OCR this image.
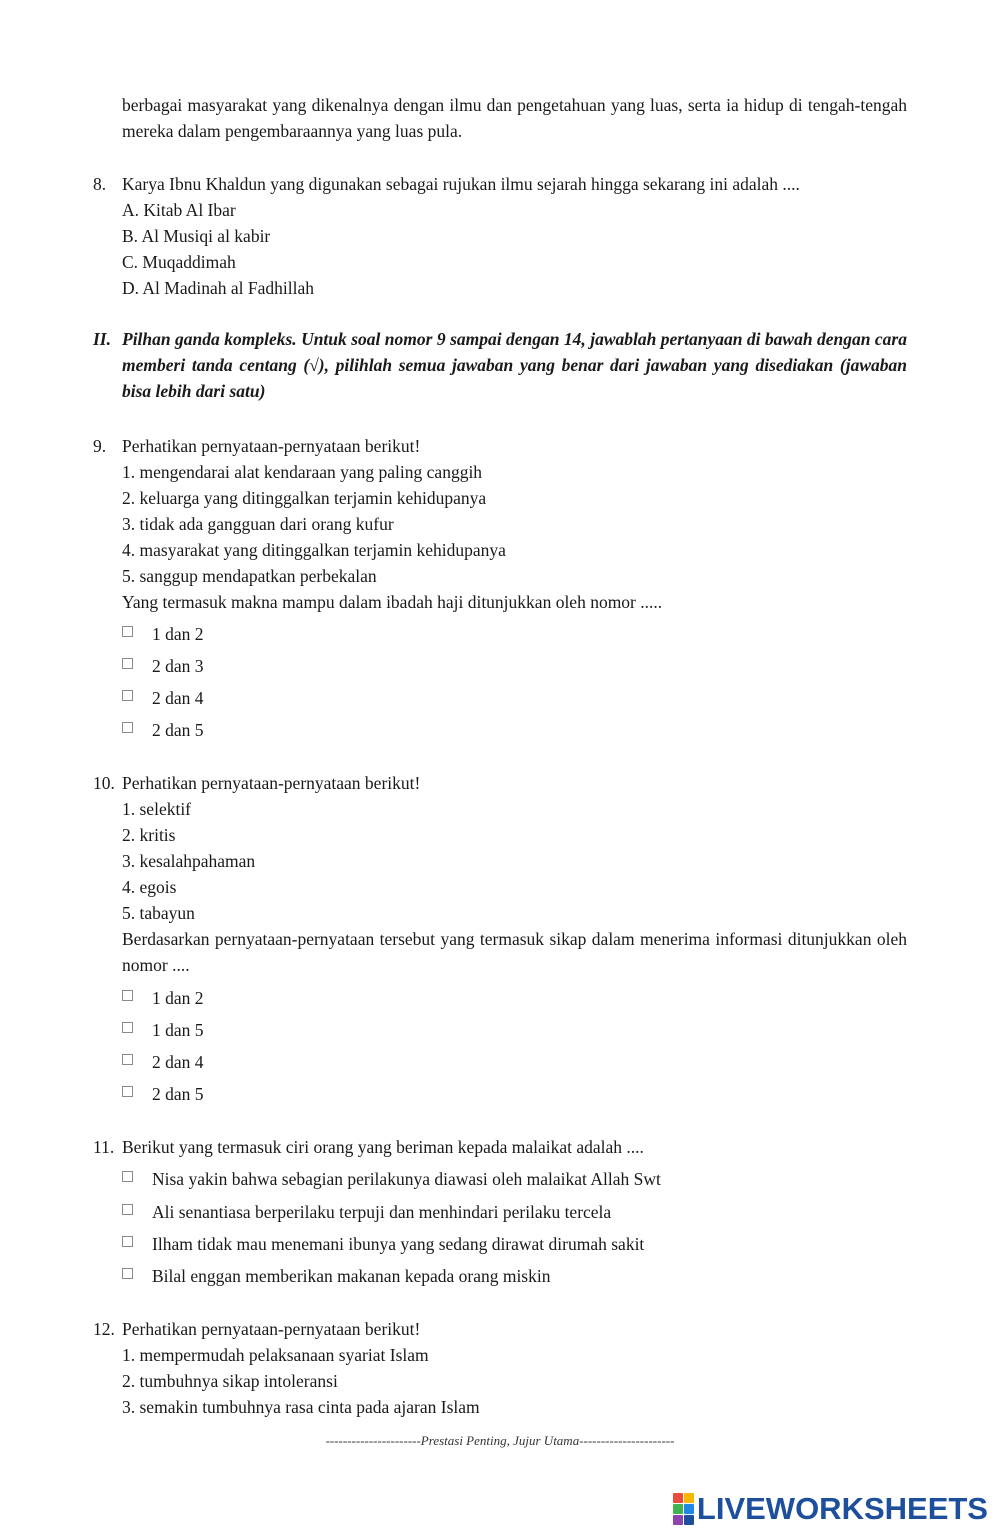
berbagai masyarakat yang dikenalnya dengan ilmu dan pengetahuan yang luas, serta ia hidup di tengah-tengah mereka dalam pengembaraannya yang luas pula.

8. Karya Ibnu Khaldun yang digunakan sebagai rujukan ilmu sejarah hingga sekarang ini adalah ....
A. Kitab Al Ibar
B. Al Musiqi al kabir
C. Muqaddimah
D. Al Madinah al Fadhillah
II. Pilhan ganda kompleks. Untuk soal nomor 9 sampai dengan 14, jawablah pertanyaan di bawah dengan cara memberi tanda centang (√), pilihlah semua jawaban yang benar dari jawaban yang disediakan (jawaban bisa lebih dari satu)
9. Perhatikan pernyataan-pernyataan berikut!
1. mengendarai alat kendaraan yang paling canggih
2. keluarga yang ditinggalkan terjamin kehidupanya
3. tidak ada gangguan dari orang kufur
4. masyarakat yang ditinggalkan terjamin kehidupanya
5. sanggup mendapatkan perbekalan
Yang termasuk makna mampu dalam ibadah haji ditunjukkan oleh nomor .....
1 dan 2
2 dan 3
2 dan 4
2 dan 5
10. Perhatikan pernyataan-pernyataan berikut!
1. selektif
2. kritis
3. kesalahpahaman
4. egois
5. tabayun

Berdasarkan pernyataan-pernyataan tersebut yang termasuk sikap dalam menerima informasi ditunjukkan oleh nomor ....

1 dan 2
1 dan 5
2 dan 4
2 dan 5
11. Berikut yang termasuk ciri orang yang beriman kepada malaikat adalah ....
Nisa yakin bahwa sebagian perilakunya diawasi oleh malaikat Allah Swt
Ali senantiasa berperilaku terpuji dan menhindari perilaku tercela
Ilham tidak mau menemani ibunya yang sedang dirawat dirumah sakit
Bilal enggan memberikan makanan kepada orang miskin
12. Perhatikan pernyataan-pernyataan berikut!
1. mempermudah pelaksanaan syariat Islam
2. tumbuhnya sikap intoleransi
3. semakin tumbuhnya rasa cinta pada ajaran Islam
----------------------Prestasi Penting, Jujur Utama----------------------
LIVEWORKSHEETS
